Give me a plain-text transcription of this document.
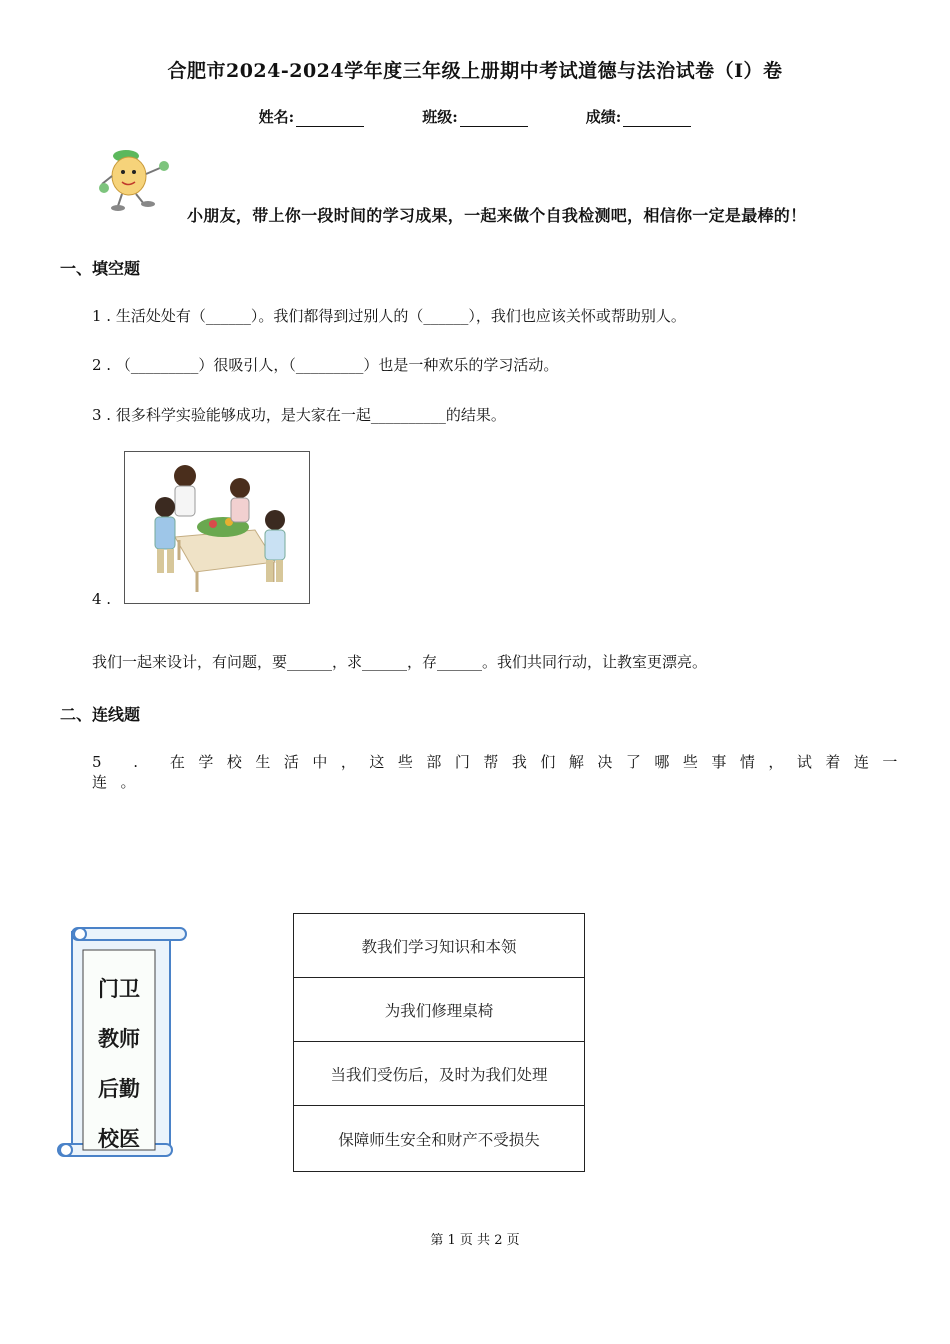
合肥市2024-2024学年度三年级上册期中考试道德与法治试卷（I）卷
姓名:	班级:	成绩:
小朋友，带上你一段时间的学习成果，一起来做个自我检测吧，相信你一定是最棒的！
一、填空题
1 . 生活处处有（______）。我们都得到过别人的（______），我们也应该关怀或帮助别人。
2 . （_________）很吸引人，（_________）也是一种欢乐的学习活动。
3 . 很多科学实验能够成功，是大家在一起__________的结果。
4 .
我们一起来设计，有问题，要______，求______，存______。我们共同行动，让教室更漂亮。
二、连线题
5 . 在学校生活中，这些部门帮我们解决了哪些事情，试着连一连。
门卫
教师
后勤
校医
教我们学习知识和本领
为我们修理桌椅
当我们受伤后，及时为我们处理
保障师生安全和财产不受损失
第 1 页 共 2 页
